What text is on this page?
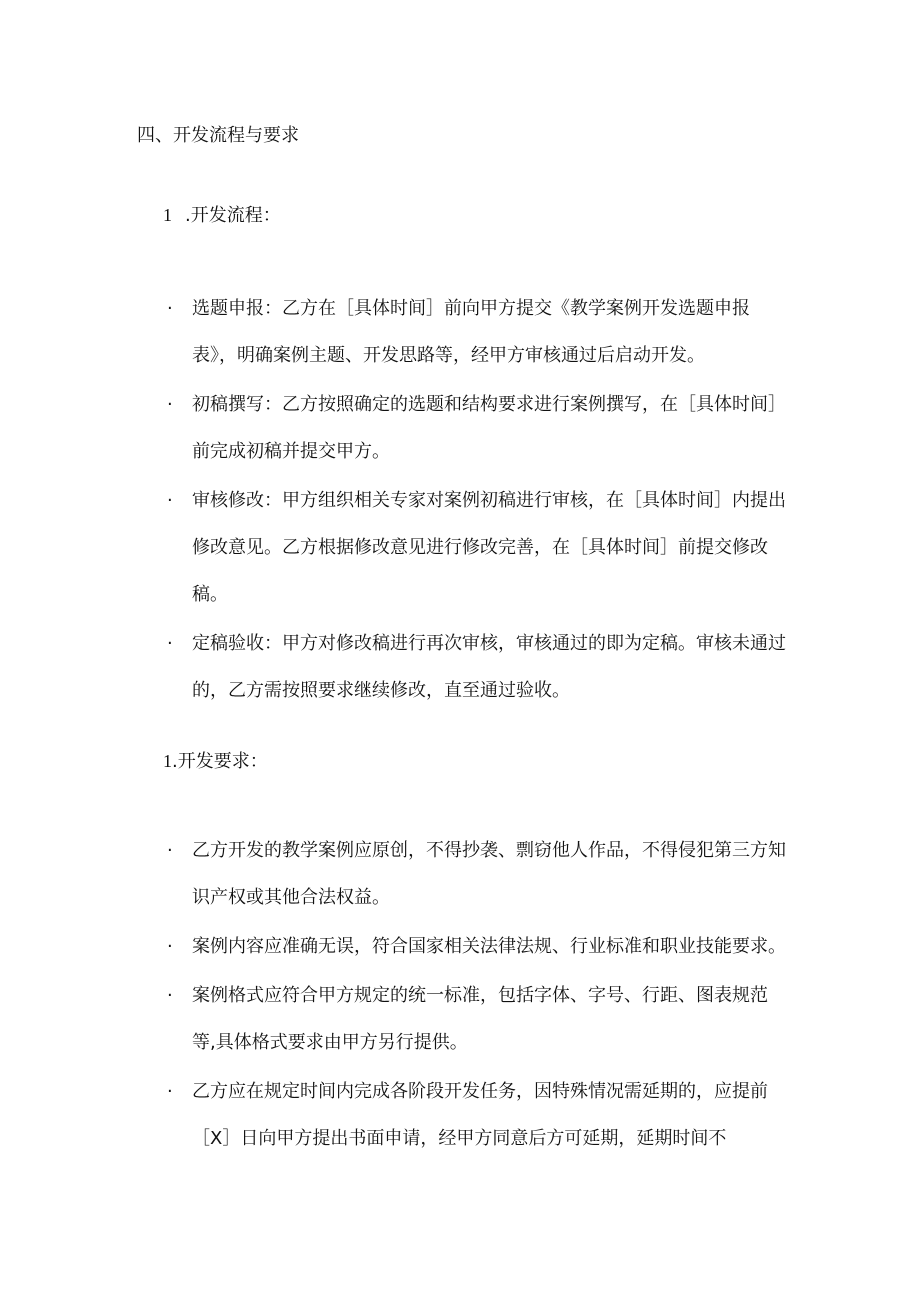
四、开发流程与要求
1 .开发流程：
· 选题申报：乙方在［具体时间］前向甲方提交《教学案例开发选题申报表》，明确案例主题、开发思路等，经甲方审核通过后启动开发。
· 初稿撰写：乙方按照确定的选题和结构要求进行案例撰写，在［具体时间］前完成初稿并提交甲方。
· 审核修改：甲方组织相关专家对案例初稿进行审核，在［具体时间］内提出修改意见。乙方根据修改意见进行修改完善，在［具体时间］前提交修改稿。
· 定稿验收：甲方对修改稿进行再次审核，审核通过的即为定稿。审核未通过的，乙方需按照要求继续修改，直至通过验收。
1.开发要求：
· 乙方开发的教学案例应原创，不得抄袭、剽窃他人作品，不得侵犯第三方知识产权或其他合法权益。
· 案例内容应准确无误，符合国家相关法律法规、行业标准和职业技能要求。
· 案例格式应符合甲方规定的统一标准，包括字体、字号、行距、图表规范等,具体格式要求由甲方另行提供。
· 乙方应在规定时间内完成各阶段开发任务，因特殊情况需延期的，应提前［X］日向甲方提出书面申请，经甲方同意后方可延期，延期时间不
